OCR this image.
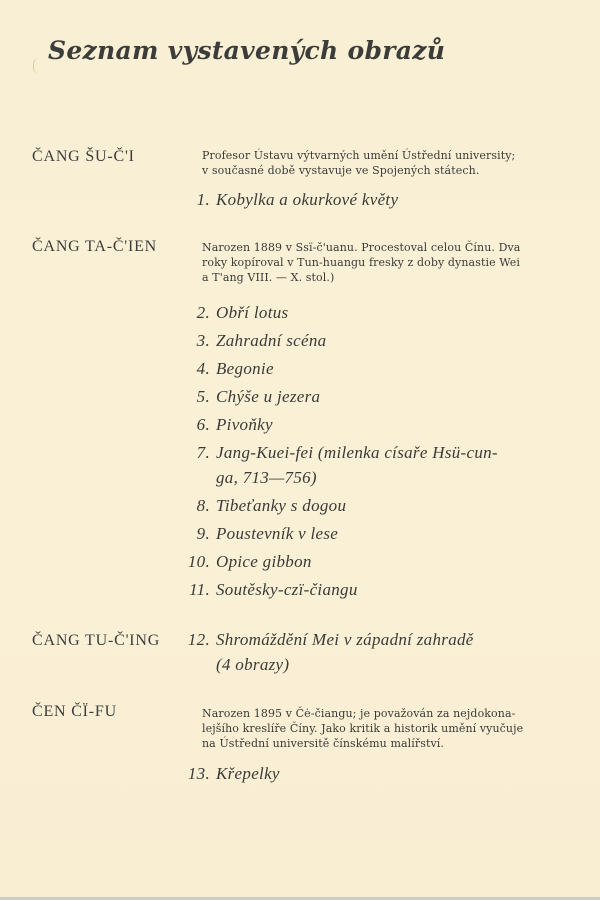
Seznam vystavených obrazů
ČANG ŠU-Č'I	Profesor Ústavu výtvarných umění Ústřední university;
v současné době vystavuje ve Spojených státech.
1. Kobylka a okurkové květy
ČANG TA-Č'IEN	Narozen 1889 v Ssï-č'uanu. Procestoval celou Čínu. Dva
roky kopíroval v Tun-huangu fresky z doby dynastie Wei
a T'ang VIII. — X. stol.)
2. Obří lotus
3. Zahradní scéna
4. Begonie
5. Chýše u jezera
6. Pivoňky
7. Jang-Kuei-fei (milenka císaře Hsü-cun-
ga, 713—756)
8. Tibeťanky s dogou
9. Poustevník v lese
10. Opice gibbon
11. Soutěsky-czï-čiangu
ČANG TU-Č'ING	12. Shromáždění Mei v západní zahradě
(4 obrazy)
ČEN ČÏ-FU	Narozen 1895 v Čė-čiangu; je považován za nejdokona-
lejšího kreslíře Číny. Jako kritik a historik umění vyučuje
na Ústřední universitě čínskému malířství.
13. Křepelky
